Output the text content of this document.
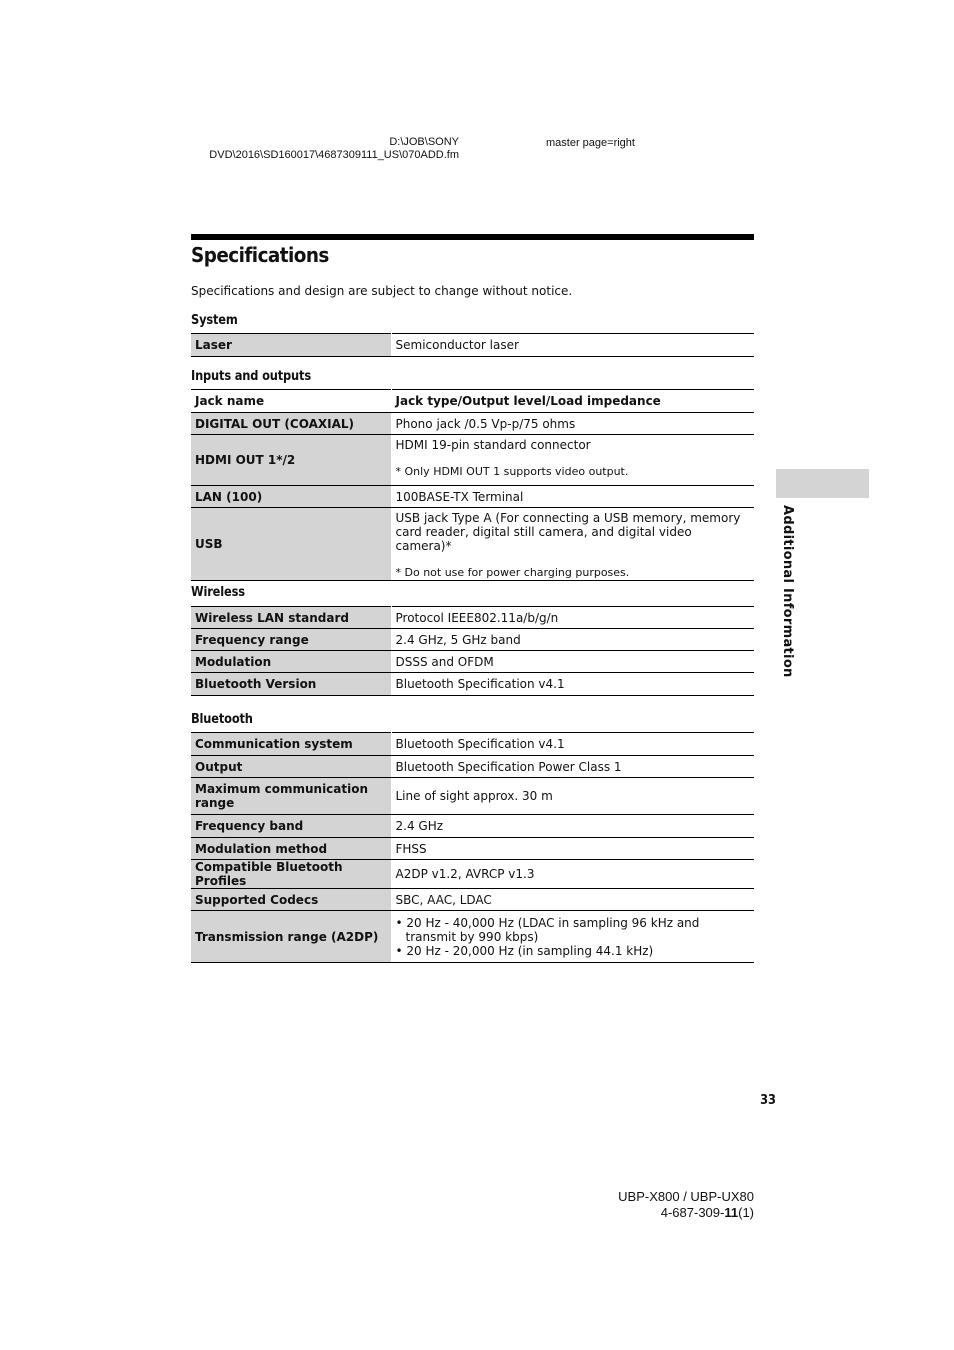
D:\JOB\SONY
DVD\2016\SD160017\4687309111_US\070ADD.fm
master page=right
Specifications

Specifications and design are subject to change without notice.

System
Laser	Semiconductor laser
Inputs and outputs
Jack name	Jack type/Output level/Load impedance
DIGITAL OUT (COAXIAL)	Phono jack /0.5 Vp-p/75 ohms
HDMI OUT 1*/2	HDMI 19-pin standard connector
* Only HDMI OUT 1 supports video output.

LAN (100)	100BASE-TX Terminal
USB	USB jack Type A (For connecting a USB memory, memory card reader, digital still camera, and digital video camera)*
* Do not use for power charging purposes.
Wireless
Wireless LAN standard	Protocol IEEE802.11a/b/g/n
Frequency range	2.4 GHz, 5 GHz band
Modulation	DSSS and OFDM
Bluetooth Version	Bluetooth Specification v4.1
Bluetooth
Communication system	Bluetooth Specification v4.1
Output	Bluetooth Specification Power Class 1
Maximum communication range	Line of sight approx. 30 m
Frequency band	2.4 GHz
Modulation method	FHSS
Compatible Bluetooth Profiles	A2DP v1.2, AVRCP v1.3
Supported Codecs	SBC, AAC, LDAC
Transmission range (A2DP)	• 20 Hz - 40,000 Hz (LDAC in sampling 96 kHz and transmit by 990 kbps)
• 20 Hz - 20,000 Hz (in sampling 44.1 kHz)
Additional Information
33
UBP-X800 / UBP-UX80
4-687-309-11(1)
